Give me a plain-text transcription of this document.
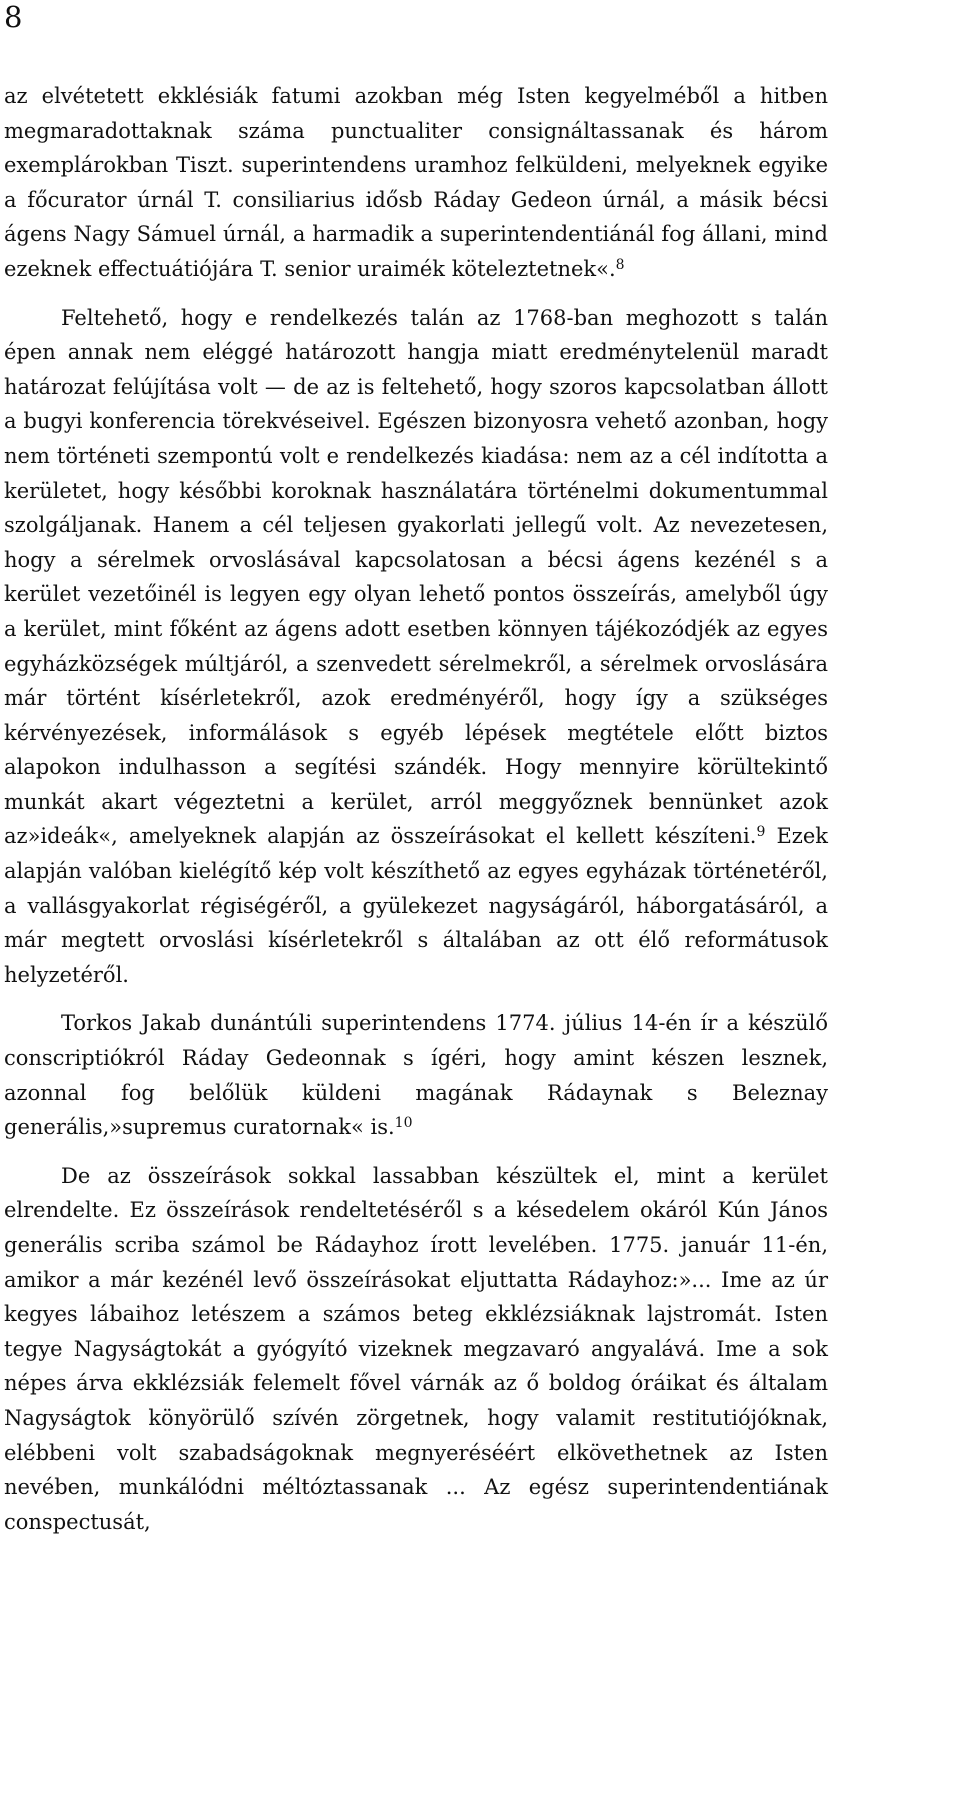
8

az elvétetett ekklésiák fatumi azokban még Isten kegyelméből a hitben megmaradottaknak száma punctualiter consignáltassanak és három exemplárokban Tiszt. superintendens uramhoz felküldeni, melyeknek egyike a főcurator úrnál T. consiliarius idősb Ráday Gedeon úrnál, a másik bécsi ágens Nagy Sámuel úrnál, a harmadik a superintendentiánál fog állani, mind ezeknek effectuátiójára T. senior uraimék köteleztetnek«.$^8$

Feltehető, hogy e rendelkezés talán az 1768-ban meghozott s talán épen annak nem eléggé határozott hangja miatt eredménytelenül maradt határozat felújítása volt — de az is feltehető, hogy szoros kapcsolatban állott a bugyi konferencia törekvéseivel. Egészen bizonyosra vehető azonban, hogy nem történeti szempontú volt e rendelkezés kiadása: nem az a cél indította a kerületet, hogy későbbi koroknak használatára történelmi dokumentummal szolgáljanak. Hanem a cél teljesen gyakorlati jellegű volt. Az nevezetesen, hogy a sérelmek orvoslásával kapcsolatosan a bécsi ágens kezénél s a kerület vezetőinél is legyen egy olyan lehető pontos összeírás, amelyből úgy a kerület, mint főként az ágens adott esetben könnyen tájékozódjék az egyes egyházközségek múltjáról, a szenvedett sérelmekről, a sérelmek orvoslására már történt kísérletekről, azok eredményéről, hogy így a szükséges kérvényezések, informálások s egyéb lépések megtétele előtt biztos alapokon indulhasson a segítési szándék. Hogy mennyire körültekintő munkát akart végeztetni a kerület, arról meggyőznek bennünket azok az»ideák«, amelyeknek alapján az összeírásokat el kellett készíteni.$^9$ Ezek alapján valóban kielégítő kép volt készíthető az egyes egyházak történetéről, a vallásgyakorlat régiségéről, a gyülekezet nagyságáról, háborgatásáról, a már megtett orvoslási kísérletekről s általában az ott élő reformátusok helyzetéről.

Torkos Jakab dunántúli superintendens 1774. július 14-én ír a készülő conscriptiókról Ráday Gedeonnak s ígéri, hogy amint készen lesznek, azonnal fog belőlük küldeni magának Rádaynak s Beleznay generális,»supremus curatornak« is.$^{10}$

De az összeírások sokkal lassabban készültek el, mint a kerület elrendelte. Ez összeírások rendeltetéséről s a késedelem okáról Kún János generális scriba számol be Rádayhoz írott levelében. 1775. január 11-én, amikor a már kezénél levő összeírásokat eljuttatta Rádayhoz:»... Ime az úr kegyes lábaihoz letészem a számos beteg ekklézsiáknak lajstromát. Isten tegye Nagyságtokát a gyógyító vizeknek megzavaró angyalává. Ime a sok népes árva ekklézsiák felemelt fővel várnák az ő boldog óráikat és általam Nagyságtok könyörülő szívén zörgetnek, hogy valamit restitutiójóknak, elébbeni volt szabadságoknak megnyeréséért elkövethetnek az Isten nevében, munkálódni méltóztassanak ... Az egész superintendentiának conspectusát,
